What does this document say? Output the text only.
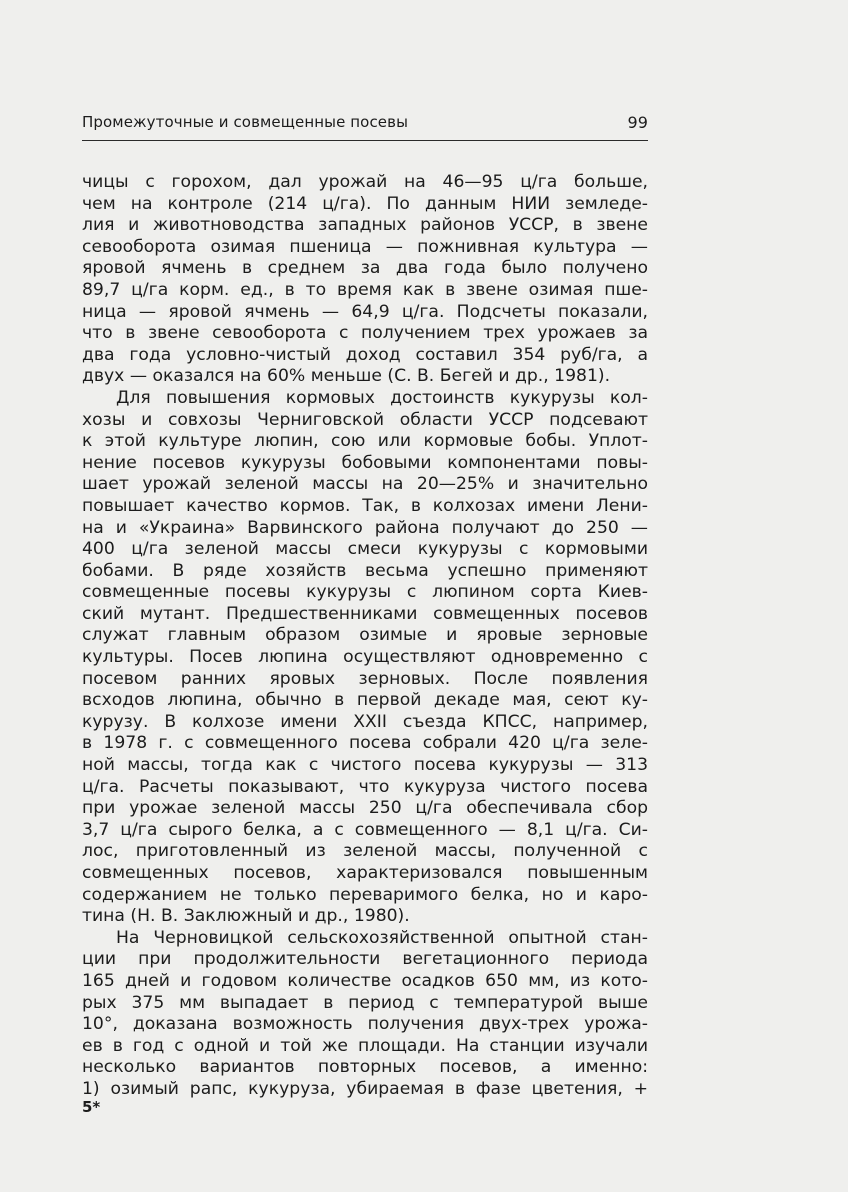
Промежуточные и совмещенные посевы	99
чицы с горохом, дал урожай на 46—95 ц/га больше,
чем на контроле (214 ц/га). По данным НИИ земледе-
лия и животноводства западных районов УССР, в звене
севооборота озимая пшеница — пожнивная культура —
яровой ячмень в среднем за два года было получено
89,7 ц/га корм. ед., в то время как в звене озимая пше-
ница — яровой ячмень — 64,9 ц/га. Подсчеты показали,
что в звене севооборота с получением трех урожаев за
два года условно-чистый доход составил 354 руб/га, а
двух — оказался на 60% меньше (С. В. Бегей и др., 1981).
Для повышения кормовых достоинств кукурузы кол-
хозы и совхозы Черниговской области УССР подсевают
к этой культуре люпин, сою или кормовые бобы. Уплот-
нение посевов кукурузы бобовыми компонентами повы-
шает урожай зеленой массы на 20—25% и значительно
повышает качество кормов. Так, в колхозах имени Лени-
на и «Украина» Варвинского района получают до 250 —
400 ц/га зеленой массы смеси кукурузы с кормовыми
бобами. В ряде хозяйств весьма успешно применяют
совмещенные посевы кукурузы с люпином сорта Киев-
ский мутант. Предшественниками совмещенных посевов
служат главным образом озимые и яровые зерновые
культуры. Посев люпина осуществляют одновременно с
посевом ранних яровых зерновых. После появления
всходов люпина, обычно в первой декаде мая, сеют ку-
курузу. В колхозе имени XXII съезда КПСС, например,
в 1978 г. с совмещенного посева собрали 420 ц/га зеле-
ной массы, тогда как с чистого посева кукурузы — 313
ц/га. Расчеты показывают, что кукуруза чистого посева
при урожае зеленой массы 250 ц/га обеспечивала сбор
3,7 ц/га сырого белка, а с совмещенного — 8,1 ц/га. Си-
лос, приготовленный из зеленой массы, полученной с
совмещенных посевов, характеризовался повышенным
содержанием не только переваримого белка, но и каро-
тина (Н. В. Заклюжный и др., 1980).
На Черновицкой сельскохозяйственной опытной стан-
ции при продолжительности вегетационного периода
165 дней и годовом количестве осадков 650 мм, из кото-
рых 375 мм выпадает в период с температурой выше
10°, доказана возможность получения двух-трех урожа-
ев в год с одной и той же площади. На станции изучали
несколько вариантов повторных посевов, а именно:
1) озимый рапс, кукуруза, убираемая в фазе цветения, +
5*
